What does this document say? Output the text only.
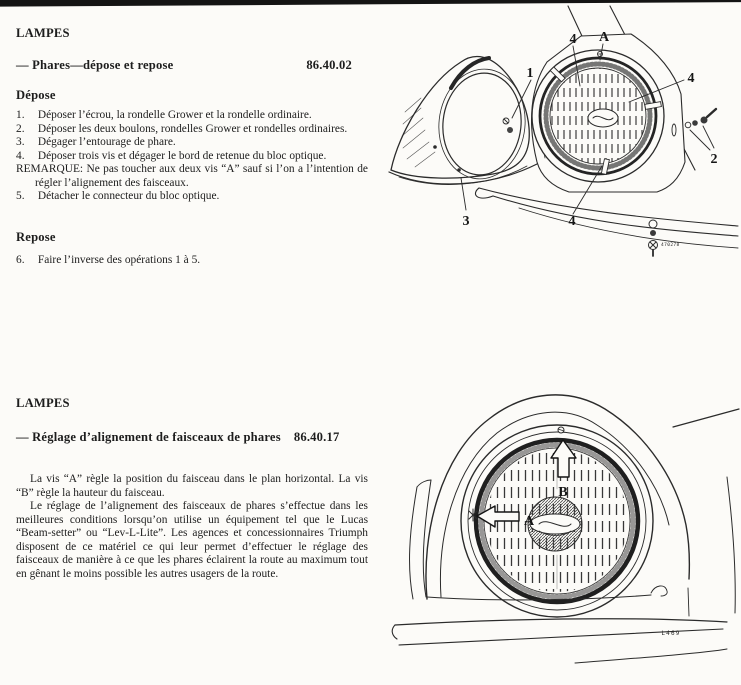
LAMPES

— Phares—dépose et repose	86.40.02

Dépose

1. Déposer l’écrou, la rondelle Grower et la rondelle ordinaire.
2. Déposer les deux boulons, rondelles Grower et rondelles ordinaires.
3. Dégager l’entourage de phare.
4. Déposer trois vis et dégager le bord de retenue du bloc optique.
REMARQUE: Ne pas toucher aux deux vis “A” sauf si l’on a l’intention de régler l’alignement des faisceaux.
5. Détacher le connecteur du bloc optique.

Repose

6. Faire l’inverse des opérations 1 à 5.

LAMPES

— Réglage d’alignement de faisceaux de phares 86.40.17

La vis “A” règle la position du faisceau dans le plan horizontal. La vis “B” règle la hauteur du faisceau.

Le réglage de l’alignement des faisceaux de phares s’effectue dans les meilleures conditions lorsqu’on utilise un équipement tel que le Lucas “Beam-setter” ou “Lev-L-Lite”. Les agences et concessionnaires Triumph disposent de ce matériel ce qui leur permet d’effectuer le réglage des faisceaux de manière à ce que les phares éclairent la route au maximum tout en gênant le moins possible les autres usagers de la route.

4 A
4
1
2
3	4
470278
A
B
L469
